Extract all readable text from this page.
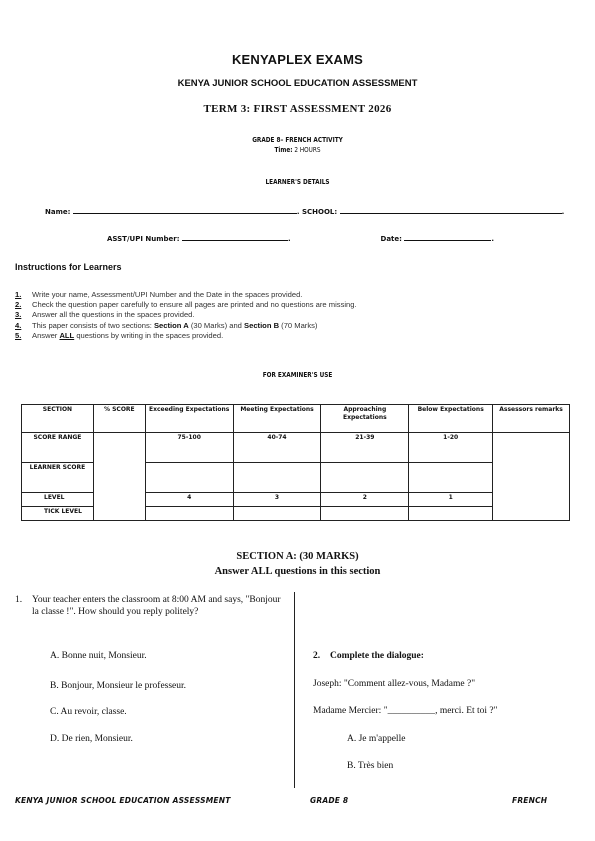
KENYAPLEX EXAMS
KENYA JUNIOR SCHOOL EDUCATION ASSESSMENT
TERM 3: FIRST ASSESSMENT 2026
GRADE 8– FRENCH ACTIVITY
Time: 2 HOURS
LEARNER'S DETAILS
Name:	. SCHOOL:	.
ASST/UPI Number:	.	Date:	.
Instructions for Learners
1. Write your name, Assessment/UPI Number and the Date in the spaces provided.
2. Check the question paper carefully to ensure all pages are printed and no questions are missing.
3. Answer all the questions in the spaces provided.
4. This paper consists of two sections: Section A (30 Marks) and Section B (70 Marks)
5. Answer ALL questions by writing in the spaces provided.
FOR EXAMINER'S USE
SECTION	% SCORE	Exceeding Expectations	Meeting Expectations	Approaching Expectations	Below Expectations	Assessors remarks
SCORE RANGE		75-100	40-74	21-39	1-20	
LEARNER SCORE						
LEVEL		4	3	2	1	
TICK LEVEL						
SECTION A: (30 MARKS)
Answer ALL questions in this section
1. Your teacher enters the classroom at 8:00 AM and says, "Bonjour la classe !". How should you reply politely?
A. Bonne nuit, Monsieur.
B. Bonjour, Monsieur le professeur.
C. Au revoir, classe.
D. De rien, Monsieur.
2. Complete the dialogue:
Joseph: "Comment allez-vous, Madame ?"
Madame Mercier: "__________, merci. Et toi ?"
A. Je m'appelle
B. Très bien
KENYA JUNIOR SCHOOL EDUCATION ASSESSMENT	GRADE 8	FRENCH
